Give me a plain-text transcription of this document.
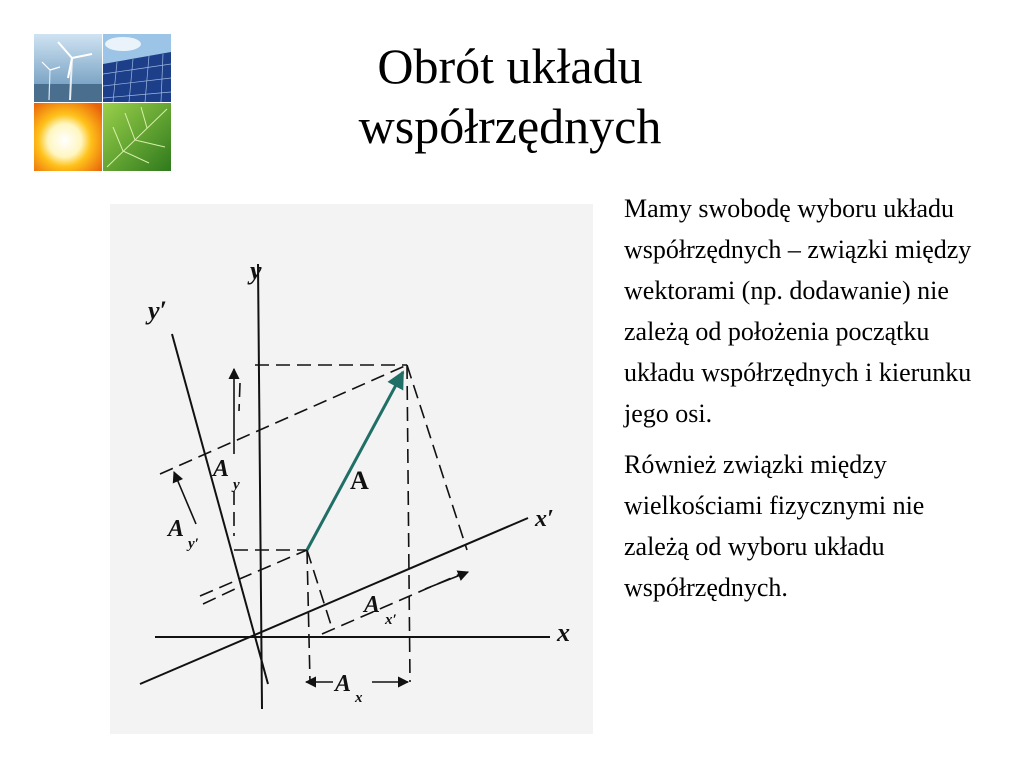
Obrót układu
współrzędnych
y
y′
x
x′
A
A
y
A
y′
A
x
A
x′

Mamy swobodę wyboru układu współrzędnych – związki między wektorami (np. dodawanie) nie zależą od położenia początku układu współrzędnych i kierunku jego osi.

Również związki między wielkościami fizycznymi nie zależą od wyboru układu współrzędnych.
